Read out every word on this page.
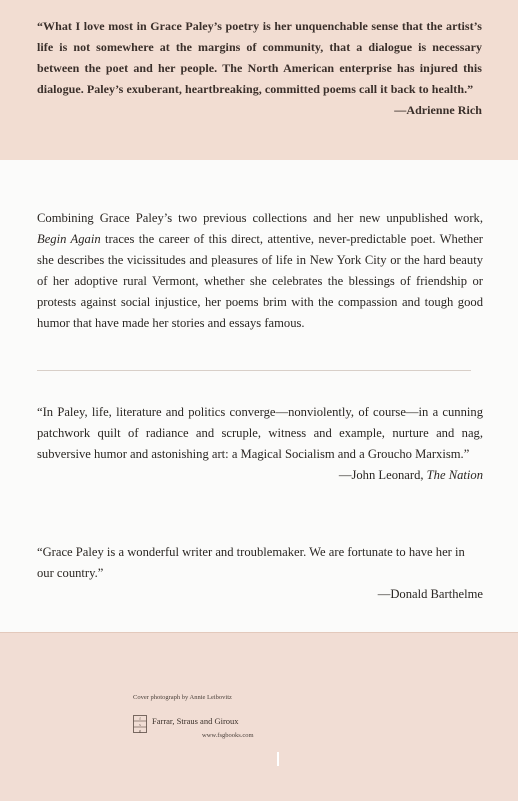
“What I love most in Grace Paley’s poetry is her unquenchable sense that the artist’s life is not somewhere at the margins of community, that a dialogue is necessary between the poet and her people. The North American enterprise has injured this dialogue. Paley’s exuberant, heartbreaking, committed poems call it back to health.”
—Adrienne Rich
Combining Grace Paley’s two previous collections and her new unpublished work, Begin Again traces the career of this direct, attentive, never-predictable poet. Whether she describes the vicissitudes and pleasures of life in New York City or the hard beauty of her adoptive rural Vermont, whether she celebrates the blessings of friendship or protests against social injustice, her poems brim with the compassion and tough good humor that have made her stories and essays famous.
“In Paley, life, literature and politics converge—nonviolently, of course—in a cunning patchwork quilt of radiance and scruple, witness and example, nurture and nag, subversive humor and astonishing art: a Magical Socialism and a Groucho Marxism.”
—John Leonard, The Nation
“Grace Paley is a wonderful writer and troublemaker. We are fortunate to have her in our country.”
—Donald Barthelme
Cover photograph by Annie Leibovitz
f
s
g
Farrar, Straus and Giroux
www.fsgbooks.com
